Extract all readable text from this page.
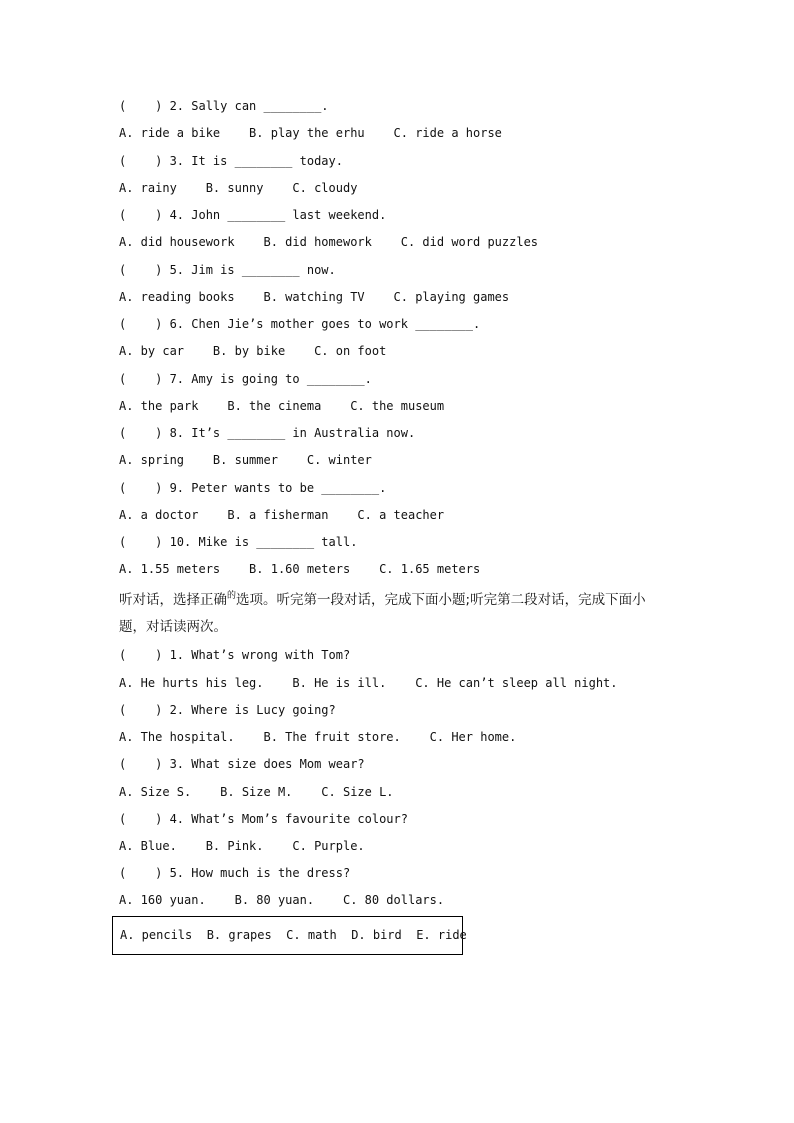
(    ) 2. Sally can ________.
A. ride a bike    B. play the erhu    C. ride a horse
(    ) 3. It is ________ today.
A. rainy    B. sunny    C. cloudy
(    ) 4. John ________ last weekend.
A. did housework    B. did homework    C. did word puzzles
(    ) 5. Jim is ________ now.
A. reading books    B. watching TV    C. playing games
(    ) 6. Chen Jie’s mother goes to work ________.
A. by car    B. by bike    C. on foot
(    ) 7. Amy is going to ________.
A. the park    B. the cinema    C. the museum
(    ) 8. It’s ________ in Australia now.
A. spring    B. summer    C. winter
(    ) 9. Peter wants to be ________.
A. a doctor    B. a fisherman    C. a teacher
(    ) 10. Mike is ________ tall.
A. 1.55 meters    B. 1.60 meters    C. 1.65 meters
听对话，选择正确$^的$选项。听完第一段对话，完成下面小题;听完第二段对话，完成下面小
题，对话读两次。
(    ) 1. What’s wrong with Tom?
A. He hurts his leg.    B. He is ill.    C. He can’t sleep all night.
(    ) 2. Where is Lucy going?
A. The hospital.    B. The fruit store.    C. Her home.
(    ) 3. What size does Mom wear?
A. Size S.    B. Size M.    C. Size L.
(    ) 4. What’s Mom’s favourite colour?
A. Blue.    B. Pink.    C. Purple.
(    ) 5. How much is the dress?
A. 160 yuan.    B. 80 yuan.    C. 80 dollars.
A. pencils  B. grapes  C. math  D. bird  E. ride
